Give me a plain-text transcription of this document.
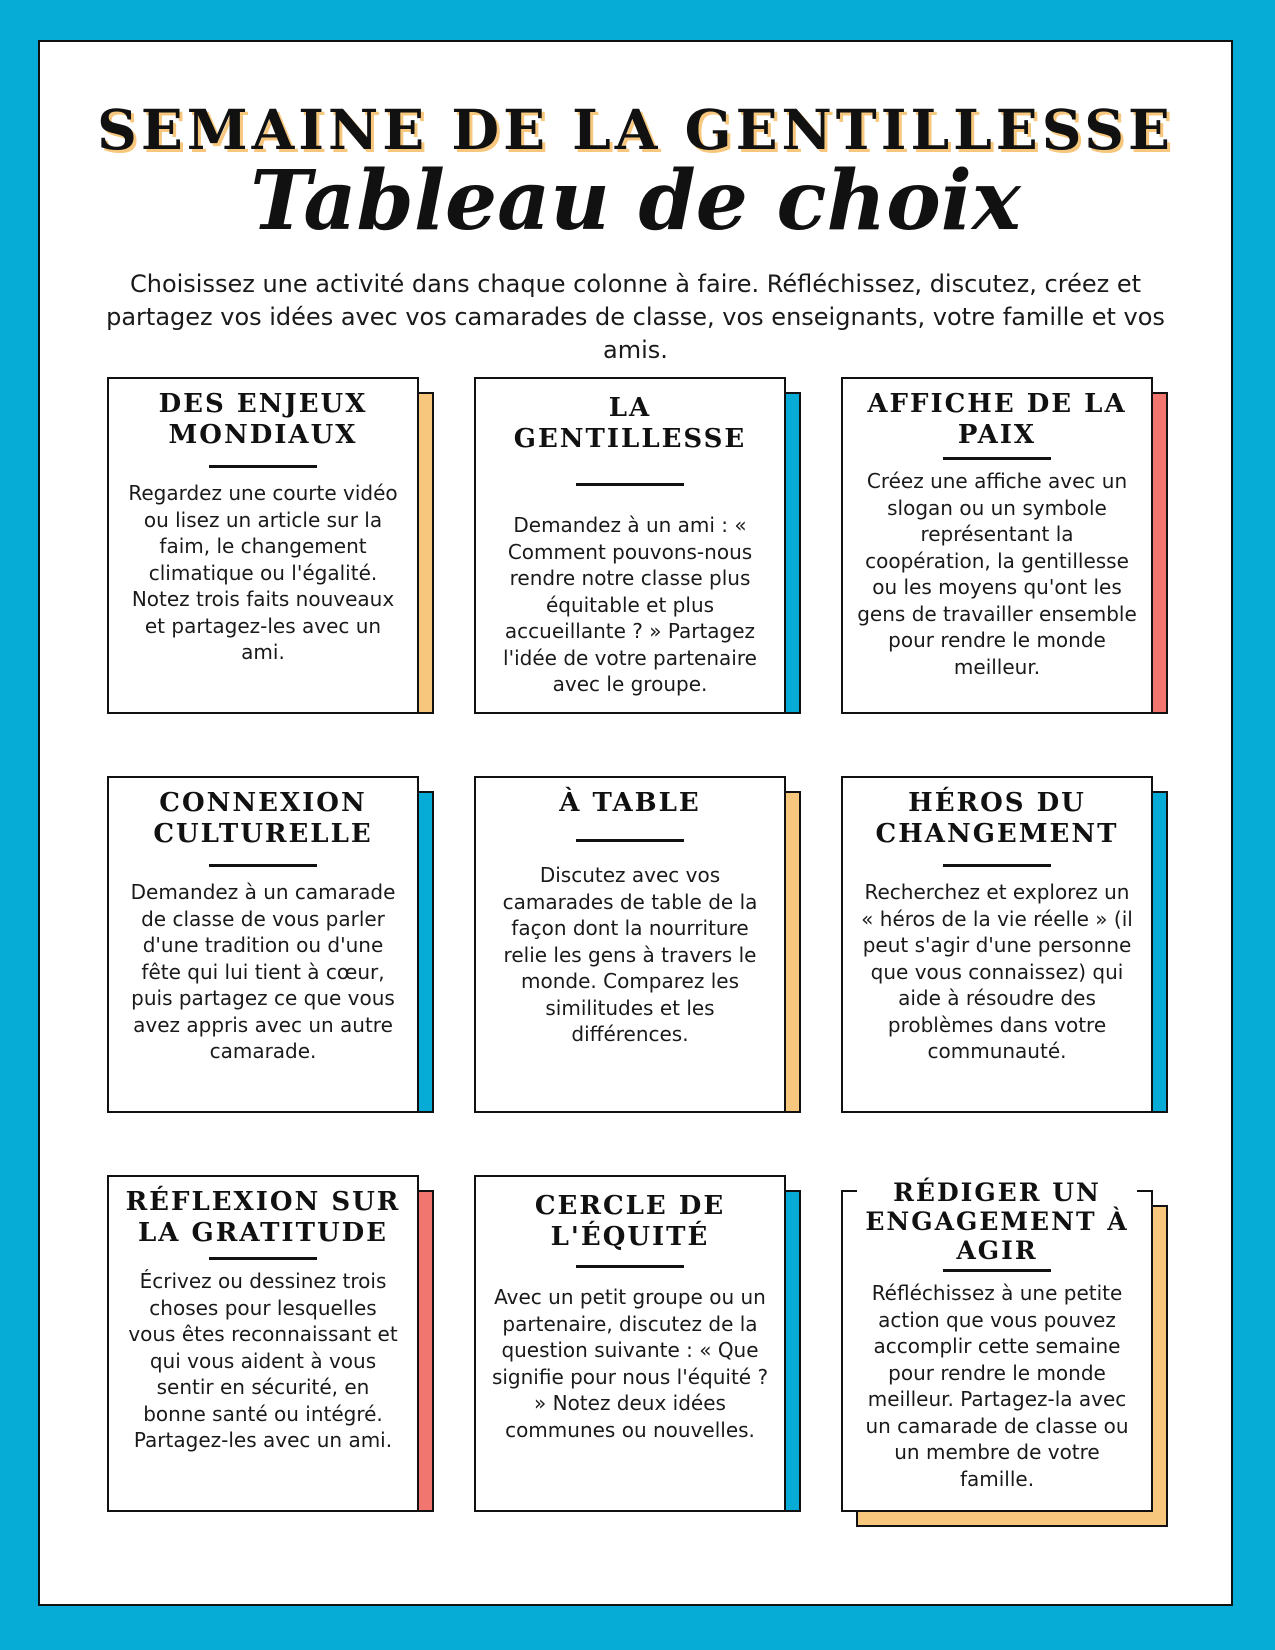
SEMAINE DE LA GENTILLESSE
Tableau de choix
Choisissez une activité dans chaque colonne à faire. Réfléchissez, discutez, créez et partagez vos idées avec vos camarades de classe, vos enseignants, votre famille et vos amis.
DES ENJEUX MONDIAUX
Regardez une courte vidéo ou lisez un article sur la faim, le changement climatique ou l'égalité. Notez trois faits nouveaux et partagez-les avec un ami.
LA GENTILLESSE
Demandez à un ami : « Comment pouvons-nous rendre notre classe plus équitable et plus accueillante ? » Partagez l'idée de votre partenaire avec le groupe.
AFFICHE DE LA PAIX
Créez une affiche avec un slogan ou un symbole représentant la coopération, la gentillesse ou les moyens qu'ont les gens de travailler ensemble pour rendre le monde meilleur.
CONNEXION CULTURELLE
Demandez à un camarade de classe de vous parler d'une tradition ou d'une fête qui lui tient à cœur, puis partagez ce que vous avez appris avec un autre camarade.
À TABLE
Discutez avec vos camarades de table de la façon dont la nourriture relie les gens à travers le monde. Comparez les similitudes et les différences.
HÉROS DU CHANGEMENT
Recherchez et explorez un « héros de la vie réelle » (il peut s'agir d'une personne que vous connaissez) qui aide à résoudre des problèmes dans votre communauté.
RÉFLEXION SUR LA GRATITUDE
Écrivez ou dessinez trois choses pour lesquelles vous êtes reconnaissant et qui vous aident à vous sentir en sécurité, en bonne santé ou intégré. Partagez-les avec un ami.
CERCLE DE L'ÉQUITÉ
Avec un petit groupe ou un partenaire, discutez de la question suivante : « Que signifie pour nous l'équité ? » Notez deux idées communes ou nouvelles.
RÉDIGER UN ENGAGEMENT À AGIR
Réfléchissez à une petite action que vous pouvez accomplir cette semaine pour rendre le monde meilleur. Partagez-la avec un camarade de classe ou un membre de votre famille.
